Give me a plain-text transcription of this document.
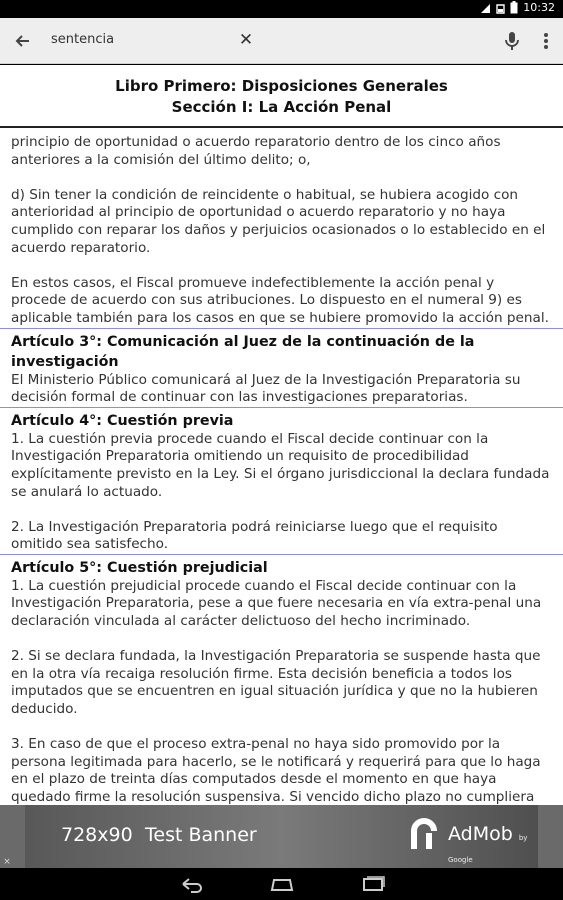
10:32
sentencia	✕
Libro Primero: Disposiciones Generales
Sección I: La Acción Penal

principio de oportunidad o acuerdo reparatorio dentro de los cinco años anteriores a la comisión del último delito; o,

d) Sin tener la condición de reincidente o habitual, se hubiera acogido con anterioridad al principio de oportunidad o acuerdo reparatorio y no haya cumplido con reparar los daños y perjuicios ocasionados o lo establecido en el acuerdo reparatorio.

En estos casos, el Fiscal promueve indefectiblemente la acción penal y procede de acuerdo con sus atribuciones. Lo dispuesto en el numeral 9) es aplicable también para los casos en que se hubiere promovido la acción penal.

Artículo 3°: Comunicación al Juez de la continuación de la investigación

El Ministerio Público comunicará al Juez de la Investigación Preparatoria su decisión formal de continuar con las investigaciones preparatorias.

Artículo 4°: Cuestión previa

1. La cuestión previa procede cuando el Fiscal decide continuar con la Investigación Preparatoria omitiendo un requisito de procedibilidad explícitamente previsto en la Ley. Si el órgano jurisdiccional la declara fundada se anulará lo actuado.

2. La Investigación Preparatoria podrá reiniciarse luego que el requisito omitido sea satisfecho.

Artículo 5°: Cuestión prejudicial

1. La cuestión prejudicial procede cuando el Fiscal decide continuar con la Investigación Preparatoria, pese a que fuere necesaria en vía extra-penal una declaración vinculada al carácter delictuoso del hecho incriminado.

2. Si se declara fundada, la Investigación Preparatoria se suspende hasta que en la otra vía recaiga resolución firme. Esta decisión beneficia a todos los imputados que se encuentren en igual situación jurídica y que no la hubieren deducido.

3. En caso de que el proceso extra-penal no haya sido promovido por la persona legitimada para hacerlo, se le notificará y requerirá para que lo haga en el plazo de treinta días computados desde el momento en que haya quedado firme la resolución suspensiva. Si vencido dicho plazo no cumpliera

728x90 Test Banner	AdMob by Google
×
